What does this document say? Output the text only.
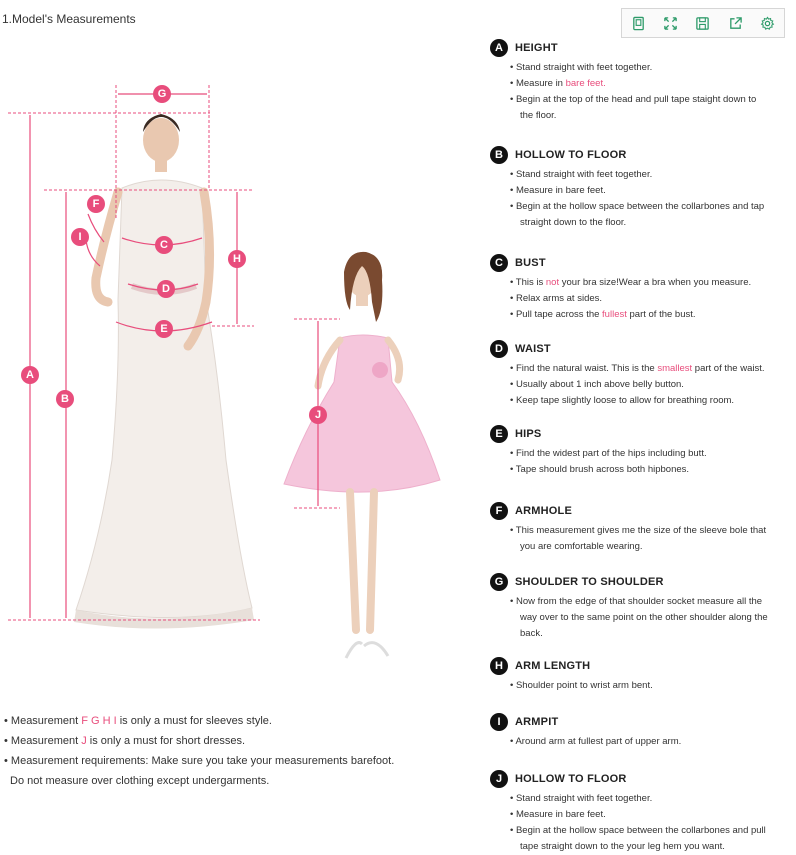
1.Model's Measurements
G
F
I
C
D
E
H
A
B
J
• Measurement F G H I is only a must for sleeves style.
• Measurement J is only a must for short dresses.
• Measurement requirements: Make sure you take your measurements barefoot.
Do not measure over clothing except undergarments.
A	HEIGHT
• Stand straight with feet together.
• Measure in bare feet.
• Begin at the top of the head and pull tape staight down to
the floor.
B	HOLLOW TO FLOOR
• Stand straight with feet together.
• Measure in bare feet.
• Begin at the hollow space between the collarbones and tap
straight down to the floor.
C	BUST
• This is not your bra size!Wear a bra when you measure.
• Relax arms at sides.
• Pull tape across the fullest part of the bust.
D	WAIST
• Find the natural waist. This is the smallest part of the waist.
• Usually about 1 inch above belly button.
• Keep tape slightly loose to allow for breathing room.
E	HIPS
• Find the widest part of the hips including butt.
• Tape should brush across both hipbones.
F	ARMHOLE
• This measurement gives me the size of the sleeve bole that
you are comfortable wearing.
G	SHOULDER TO SHOULDER
• Now from the edge of that shoulder socket measure all the
way over to the same point on the other shoulder along the
back.
H	ARM LENGTH
• Shoulder point to wrist arm bent.
I	ARMPIT
• Around arm at fullest part of upper arm.
J	HOLLOW TO FLOOR
• Stand straight with feet together.
• Measure in bare feet.
• Begin at the hollow space between the collarbones and pull
tape straight down to the your leg hem you want.
